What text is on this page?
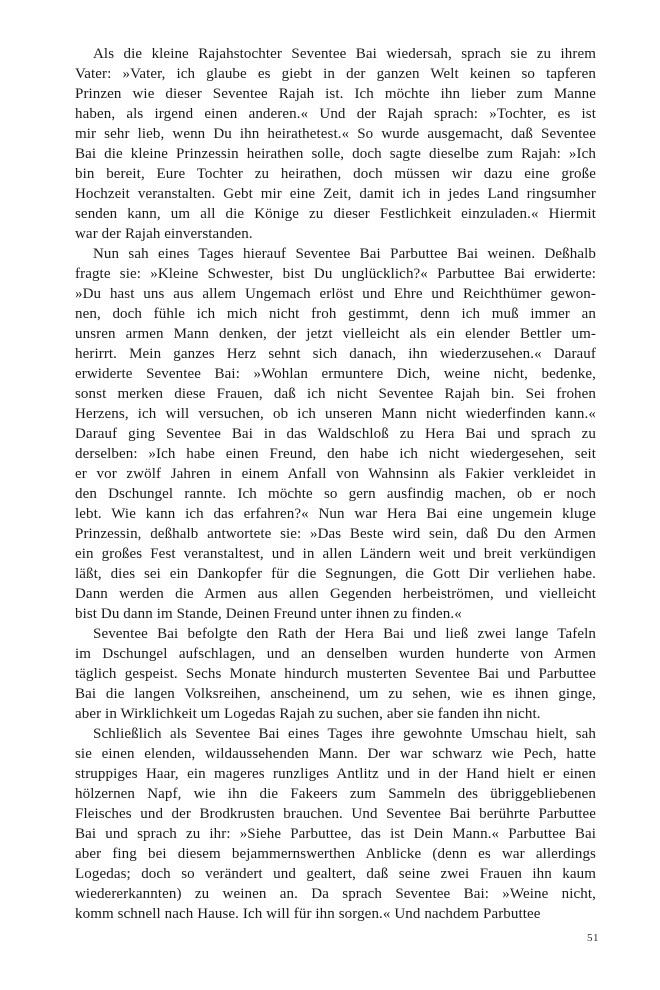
Als die kleine Rajahstochter Seventee Bai wiedersah, sprach sie zu ihrem
Vater: »Vater, ich glaube es giebt in der ganzen Welt keinen so tapferen
Prinzen wie dieser Seventee Rajah ist. Ich möchte ihn lieber zum Manne
haben, als irgend einen anderen.« Und der Rajah sprach: »Tochter, es ist
mir sehr lieb, wenn Du ihn heirathetest.« So wurde ausgemacht, daß Seventee
Bai die kleine Prinzessin heirathen solle, doch sagte dieselbe zum Rajah: »Ich
bin bereit, Eure Tochter zu heirathen, doch müssen wir dazu eine große
Hochzeit veranstalten. Gebt mir eine Zeit, damit ich in jedes Land ringsumher
senden kann, um all die Könige zu dieser Festlichkeit einzuladen.« Hiermit
war der Rajah einverstanden.
Nun sah eines Tages hierauf Seventee Bai Parbuttee Bai weinen. Deßhalb
fragte sie: »Kleine Schwester, bist Du unglücklich?« Parbuttee Bai erwiderte:
»Du hast uns aus allem Ungemach erlöst und Ehre und Reichthümer gewon-
nen, doch fühle ich mich nicht froh gestimmt, denn ich muß immer an
unsren armen Mann denken, der jetzt vielleicht als ein elender Bettler um-
herirrt. Mein ganzes Herz sehnt sich danach, ihn wiederzusehen.« Darauf
erwiderte Seventee Bai: »Wohlan ermuntere Dich, weine nicht, bedenke,
sonst merken diese Frauen, daß ich nicht Seventee Rajah bin. Sei frohen
Herzens, ich will versuchen, ob ich unseren Mann nicht wiederfinden kann.«
Darauf ging Seventee Bai in das Waldschloß zu Hera Bai und sprach zu
derselben: »Ich habe einen Freund, den habe ich nicht wiedergesehen, seit
er vor zwölf Jahren in einem Anfall von Wahnsinn als Fakier verkleidet in
den Dschungel rannte. Ich möchte so gern ausfindig machen, ob er noch
lebt. Wie kann ich das erfahren?« Nun war Hera Bai eine ungemein kluge
Prinzessin, deßhalb antwortete sie: »Das Beste wird sein, daß Du den Armen
ein großes Fest veranstaltest, und in allen Ländern weit und breit verkündigen
läßt, dies sei ein Dankopfer für die Segnungen, die Gott Dir verliehen habe.
Dann werden die Armen aus allen Gegenden herbeiströmen, und vielleicht
bist Du dann im Stande, Deinen Freund unter ihnen zu finden.«
Seventee Bai befolgte den Rath der Hera Bai und ließ zwei lange Tafeln
im Dschungel aufschlagen, und an denselben wurden hunderte von Armen
täglich gespeist. Sechs Monate hindurch musterten Seventee Bai und Parbuttee
Bai die langen Volksreihen, anscheinend, um zu sehen, wie es ihnen ginge,
aber in Wirklichkeit um Logedas Rajah zu suchen, aber sie fanden ihn nicht.
Schließlich als Seventee Bai eines Tages ihre gewohnte Umschau hielt, sah
sie einen elenden, wildaussehenden Mann. Der war schwarz wie Pech, hatte
struppiges Haar, ein mageres runzliges Antlitz und in der Hand hielt er einen
hölzernen Napf, wie ihn die Fakeers zum Sammeln des übriggebliebenen
Fleisches und der Brodkrusten brauchen. Und Seventee Bai berührte Parbuttee
Bai und sprach zu ihr: »Siehe Parbuttee, das ist Dein Mann.« Parbuttee Bai
aber fing bei diesem bejammernswerthen Anblicke (denn es war allerdings
Logedas; doch so verändert und gealtert, daß seine zwei Frauen ihn kaum
wiedererkannten) zu weinen an. Da sprach Seventee Bai: »Weine nicht,
komm schnell nach Hause. Ich will für ihn sorgen.« Und nachdem Parbuttee
51
